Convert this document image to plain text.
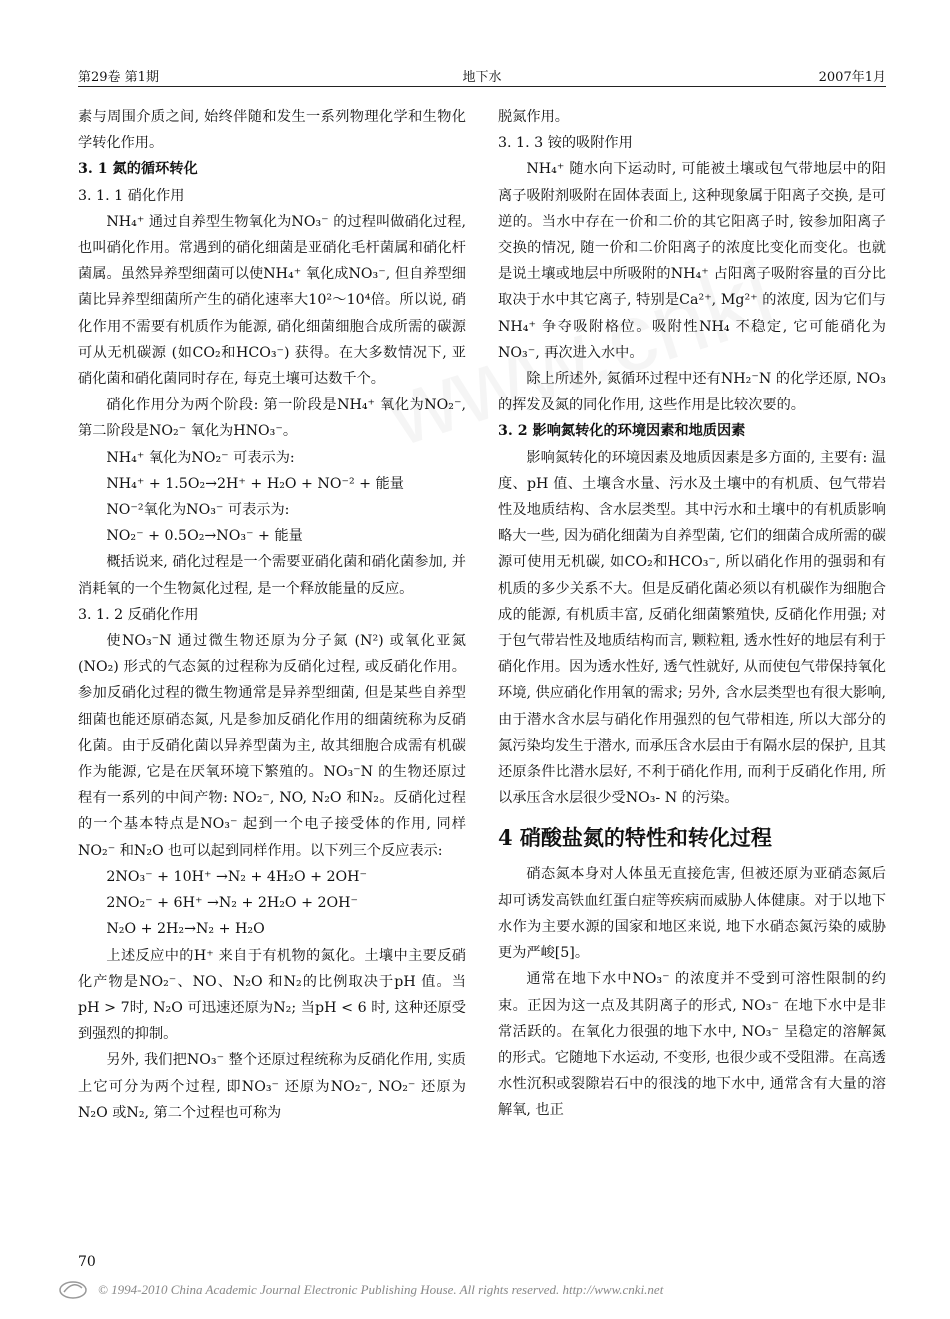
第29卷 第1期	地下水	2007年1月

素与周围介质之间, 始终伴随和发生一系列物理化学和生物化学转化作用。

3. 1 氮的循环转化

3. 1. 1 硝化作用

NH₄⁺ 通过自养型生物氧化为NO₃⁻ 的过程叫做硝化过程, 也叫硝化作用。常遇到的硝化细菌是亚硝化毛杆菌属和硝化杆菌属。虽然异养型细菌可以使NH₄⁺ 氧化成NO₃⁻, 但自养型细菌比异养型细菌所产生的硝化速率大10²～10⁴倍。所以说, 硝化作用不需要有机质作为能源, 硝化细菌细胞合成所需的碳源可从无机碳源 (如CO₂和HCO₃⁻) 获得。在大多数情况下, 亚硝化菌和硝化菌同时存在, 每克土壤可达数千个。

硝化作用分为两个阶段: 第一阶段是NH₄⁺ 氧化为NO₂⁻, 第二阶段是NO₂⁻ 氧化为HNO₃⁻。

NH₄⁺ 氧化为NO₂⁻ 可表示为:

NH₄⁺ + 1.5O₂→2H⁺ + H₂O + NO⁻² + 能量

NO⁻²氧化为NO₃⁻ 可表示为:

NO₂⁻ + 0.5O₂→NO₃⁻ + 能量

概括说来, 硝化过程是一个需要亚硝化菌和硝化菌参加, 并消耗氧的一个生物氮化过程, 是一个释放能量的反应。

3. 1. 2 反硝化作用

使NO₃⁻N 通过微生物还原为分子氮 (N²) 或氧化亚氮 (NO₂) 形式的气态氮的过程称为反硝化过程, 或反硝化作用。参加反硝化过程的微生物通常是异养型细菌, 但是某些自养型细菌也能还原硝态氮, 凡是参加反硝化作用的细菌统称为反硝化菌。由于反硝化菌以异养型菌为主, 故其细胞合成需有机碳作为能源, 它是在厌氧环境下繁殖的。NO₃⁻N 的生物还原过程有一系列的中间产物: NO₂⁻, NO, N₂O 和N₂。反硝化过程的一个基本特点是NO₃⁻ 起到一个电子接受体的作用, 同样NO₂⁻ 和N₂O 也可以起到同样作用。以下列三个反应表示:

2NO₃⁻ + 10H⁺ →N₂ + 4H₂O + 2OH⁻

2NO₂⁻ + 6H⁺ →N₂ + 2H₂O + 2OH⁻

N₂O + 2H₂→N₂ + H₂O

上述反应中的H⁺ 来自于有机物的氮化。土壤中主要反硝化产物是NO₂⁻、NO、N₂O 和N₂的比例取决于pH 值。当pH > 7时, N₂O 可迅速还原为N₂; 当pH < 6 时, 这种还原受到强烈的抑制。

另外, 我们把NO₃⁻ 整个还原过程统称为反硝化作用, 实质上它可分为两个过程, 即NO₃⁻ 还原为NO₂⁻, NO₂⁻ 还原为N₂O 或N₂, 第二个过程也可称为

脱氮作用。

3. 1. 3 铵的吸附作用

NH₄⁺ 随水向下运动时, 可能被土壤或包气带地层中的阳离子吸附剂吸附在固体表面上, 这种现象属于阳离子交换, 是可逆的。当水中存在一价和二价的其它阳离子时, 铵参加阳离子交换的情况, 随一价和二价阳离子的浓度比变化而变化。也就是说土壤或地层中所吸附的NH₄⁺ 占阳离子吸附容量的百分比取决于水中其它离子, 特别是Ca²⁺, Mg²⁺ 的浓度, 因为它们与NH₄⁺ 争夺吸附格位。吸附性NH₄ 不稳定, 它可能硝化为NO₃⁻, 再次进入水中。

除上所述外, 氮循环过程中还有NH₂⁻N 的化学还原, NO₃ 的挥发及氮的同化作用, 这些作用是比较次要的。

3. 2 影响氮转化的环境因素和地质因素

影响氮转化的环境因素及地质因素是多方面的, 主要有: 温度、pH 值、土壤含水量、污水及土壤中的有机质、包气带岩性及地质结构、含水层类型。其中污水和土壤中的有机质影响略大一些, 因为硝化细菌为自养型菌, 它们的细菌合成所需的碳源可使用无机碳, 如CO₂和HCO₃⁻, 所以硝化作用的强弱和有机质的多少关系不大。但是反硝化菌必须以有机碳作为细胞合成的能源, 有机质丰富, 反硝化细菌繁殖快, 反硝化作用强; 对于包气带岩性及地质结构而言, 颗粒粗, 透水性好的地层有利于硝化作用。因为透水性好, 透气性就好, 从而使包气带保持氧化环境, 供应硝化作用氧的需求; 另外, 含水层类型也有很大影响, 由于潜水含水层与硝化作用强烈的包气带相连, 所以大部分的氮污染均发生于潜水, 而承压含水层由于有隔水层的保护, 且其还原条件比潜水层好, 不利于硝化作用, 而利于反硝化作用, 所以承压含水层很少受NO₃- N 的污染。

4 硝酸盐氮的特性和转化过程

硝态氮本身对人体虽无直接危害, 但被还原为亚硝态氮后却可诱发高铁血红蛋白症等疾病而威胁人体健康。对于以地下水作为主要水源的国家和地区来说, 地下水硝态氮污染的威胁更为严峻[5]。

通常在地下水中NO₃⁻ 的浓度并不受到可溶性限制的约束。正因为这一点及其阴离子的形式, NO₃⁻ 在地下水中是非常活跃的。在氧化力很强的地下水中, NO₃⁻ 呈稳定的溶解氮的形式。它随地下水运动, 不变形, 也很少或不受阻滞。在高透水性沉积或裂隙岩石中的很浅的地下水中, 通常含有大量的溶解氧, 也正

70
© 1994-2010 China Academic Journal Electronic Publishing House. All rights reserved. http://www.cnki.net
